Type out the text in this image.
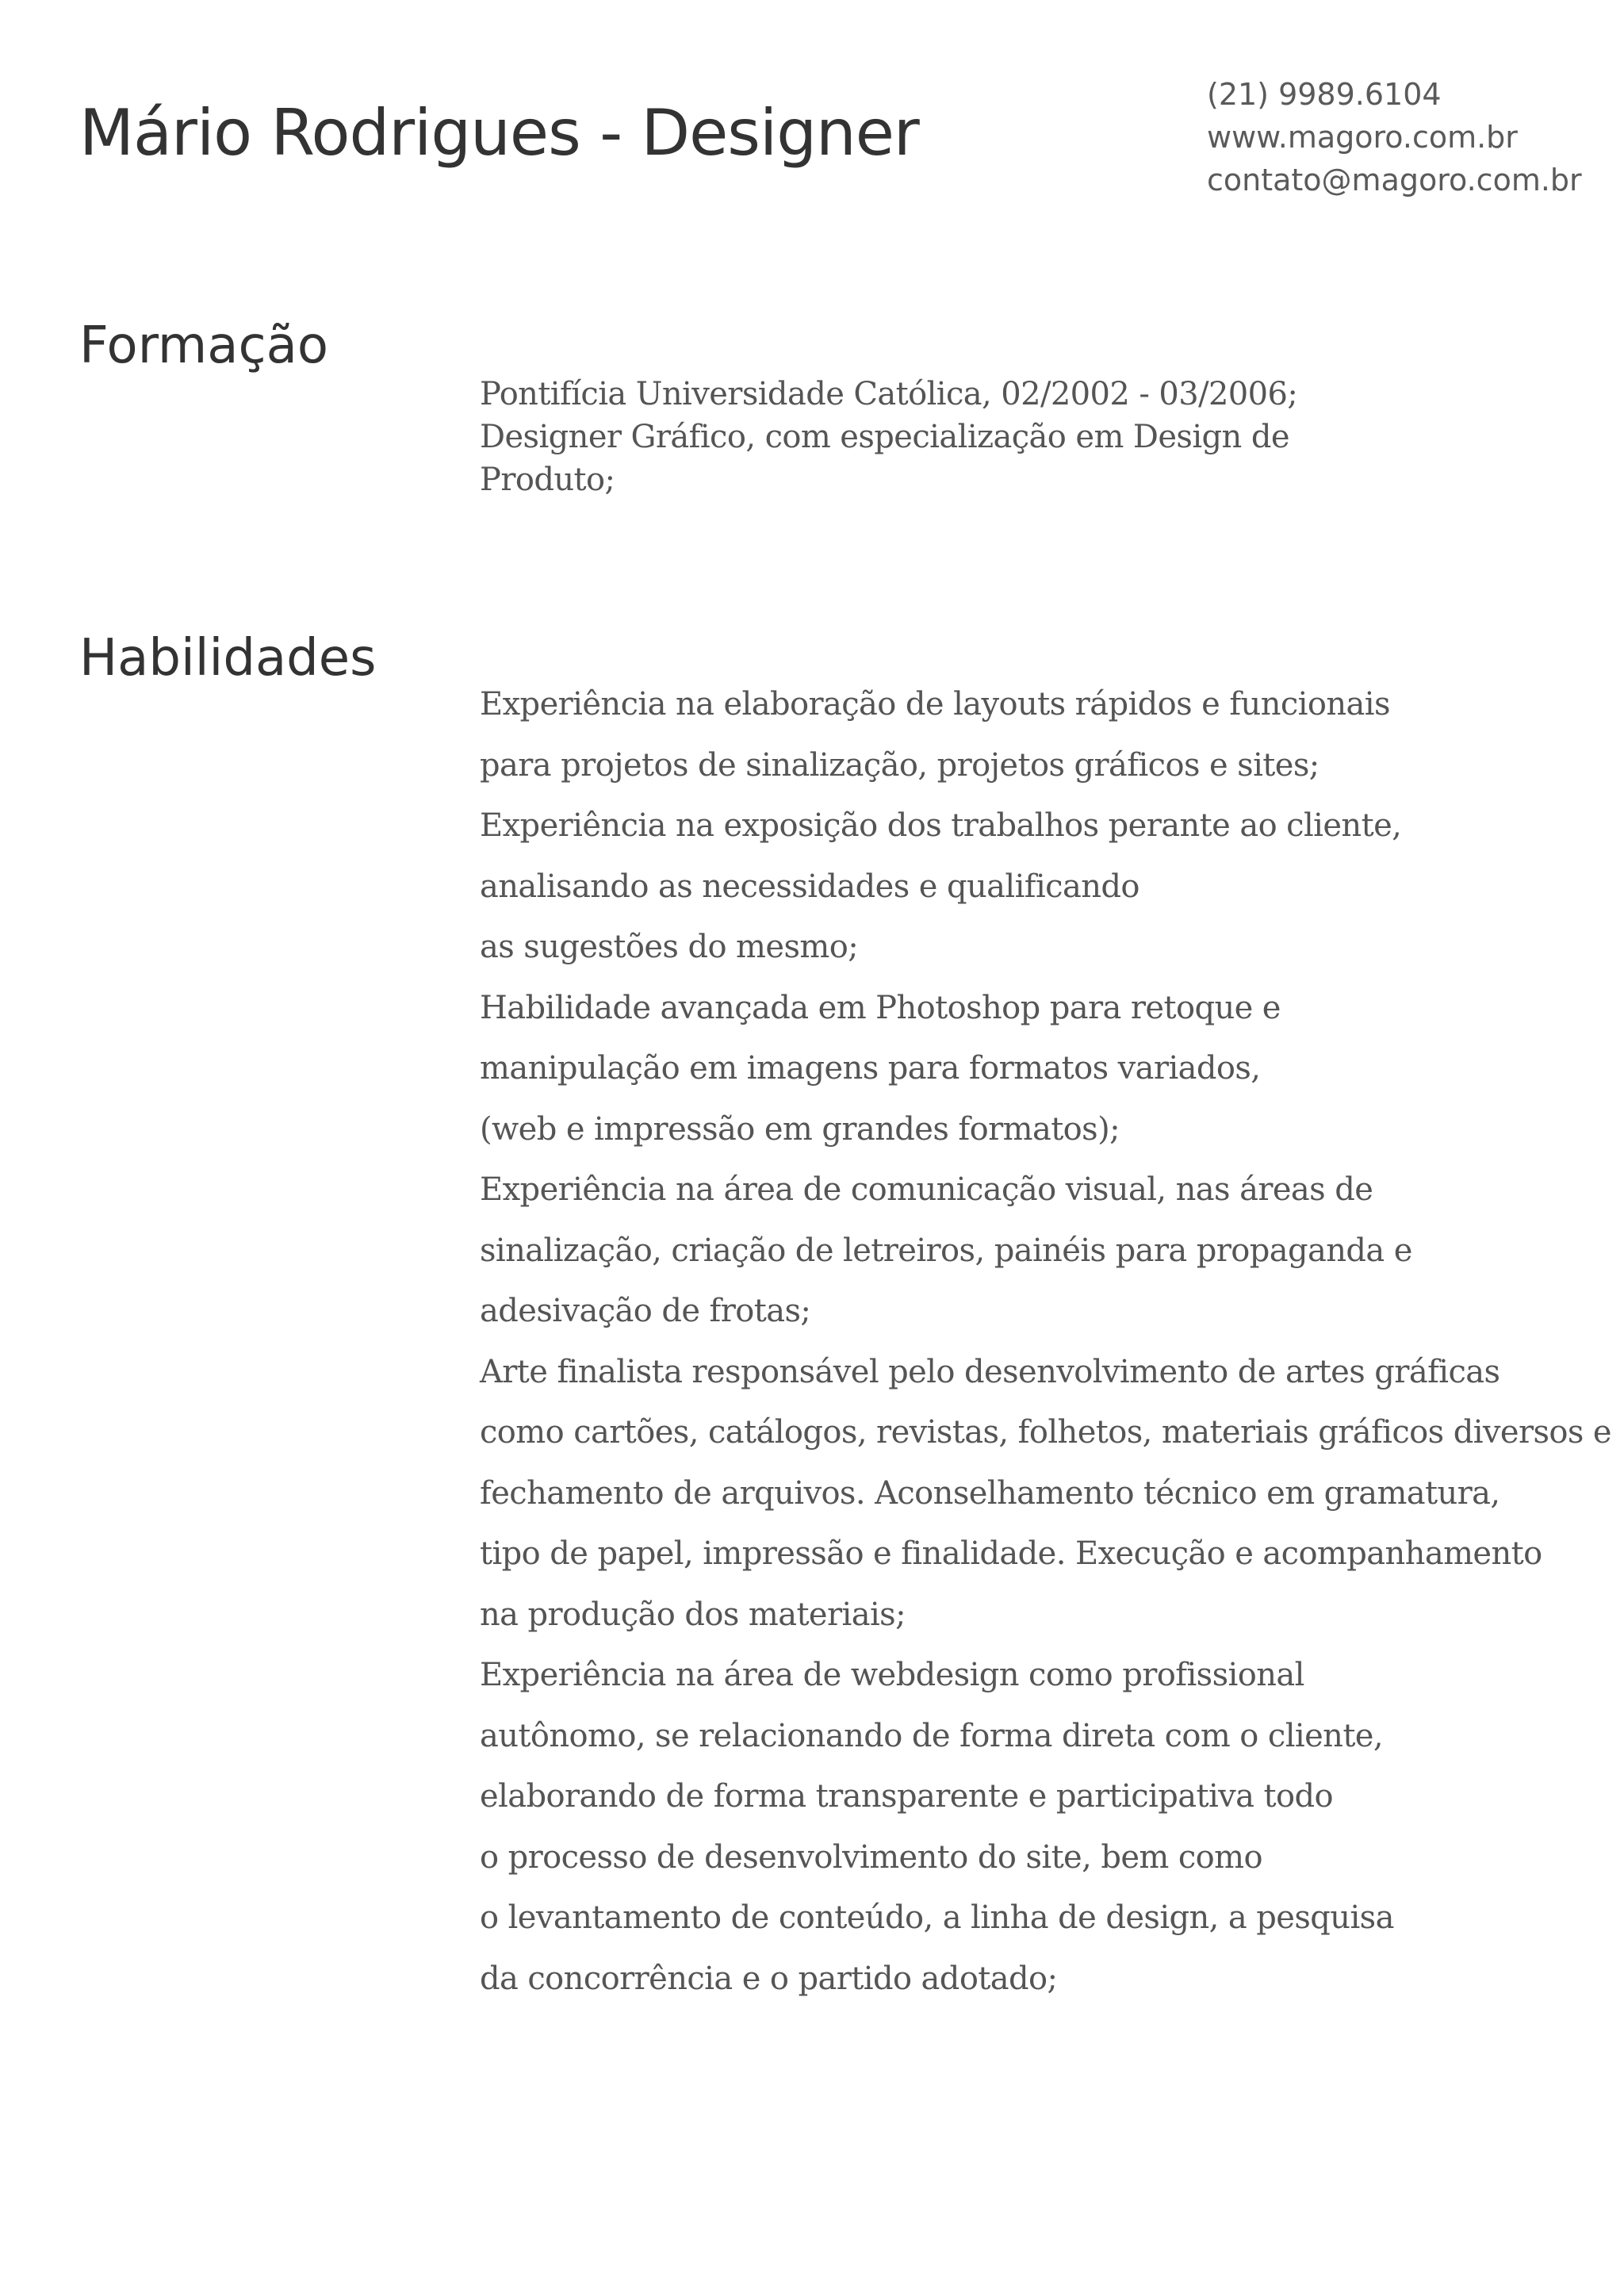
Mário Rodrigues - Designer
(21) 9989.6104
www.magoro.com.br
contato@magoro.com.br
Formação
Pontifícia Universidade Católica, 02/2002 - 03/2006;
Designer Gráfico, com especialização em Design de
Produto;
Habilidades
Experiência na elaboração de layouts rápidos e funcionais
para projetos de sinalização, projetos gráficos e sites;
Experiência na exposição dos trabalhos perante ao cliente,
analisando as necessidades e qualificando
as sugestões do mesmo;
Habilidade avançada em Photoshop para retoque e
manipulação em imagens para formatos variados,
(web e impressão em grandes formatos);
Experiência na área de comunicação visual, nas áreas de
sinalização, criação de letreiros, painéis para propaganda e
adesivação de frotas;
Arte finalista responsável pelo desenvolvimento de artes gráficas
como cartões, catálogos, revistas, folhetos, materiais gráficos diversos e
fechamento de arquivos. Aconselhamento técnico em gramatura,
tipo de papel, impressão e finalidade. Execução e acompanhamento
na produção dos materiais;
Experiência na área de webdesign como profissional
autônomo, se relacionando de forma direta com o cliente,
elaborando de forma transparente e participativa todo
o processo de desenvolvimento do site, bem como
o levantamento de conteúdo, a linha de design, a pesquisa
da concorrência e o partido adotado;
